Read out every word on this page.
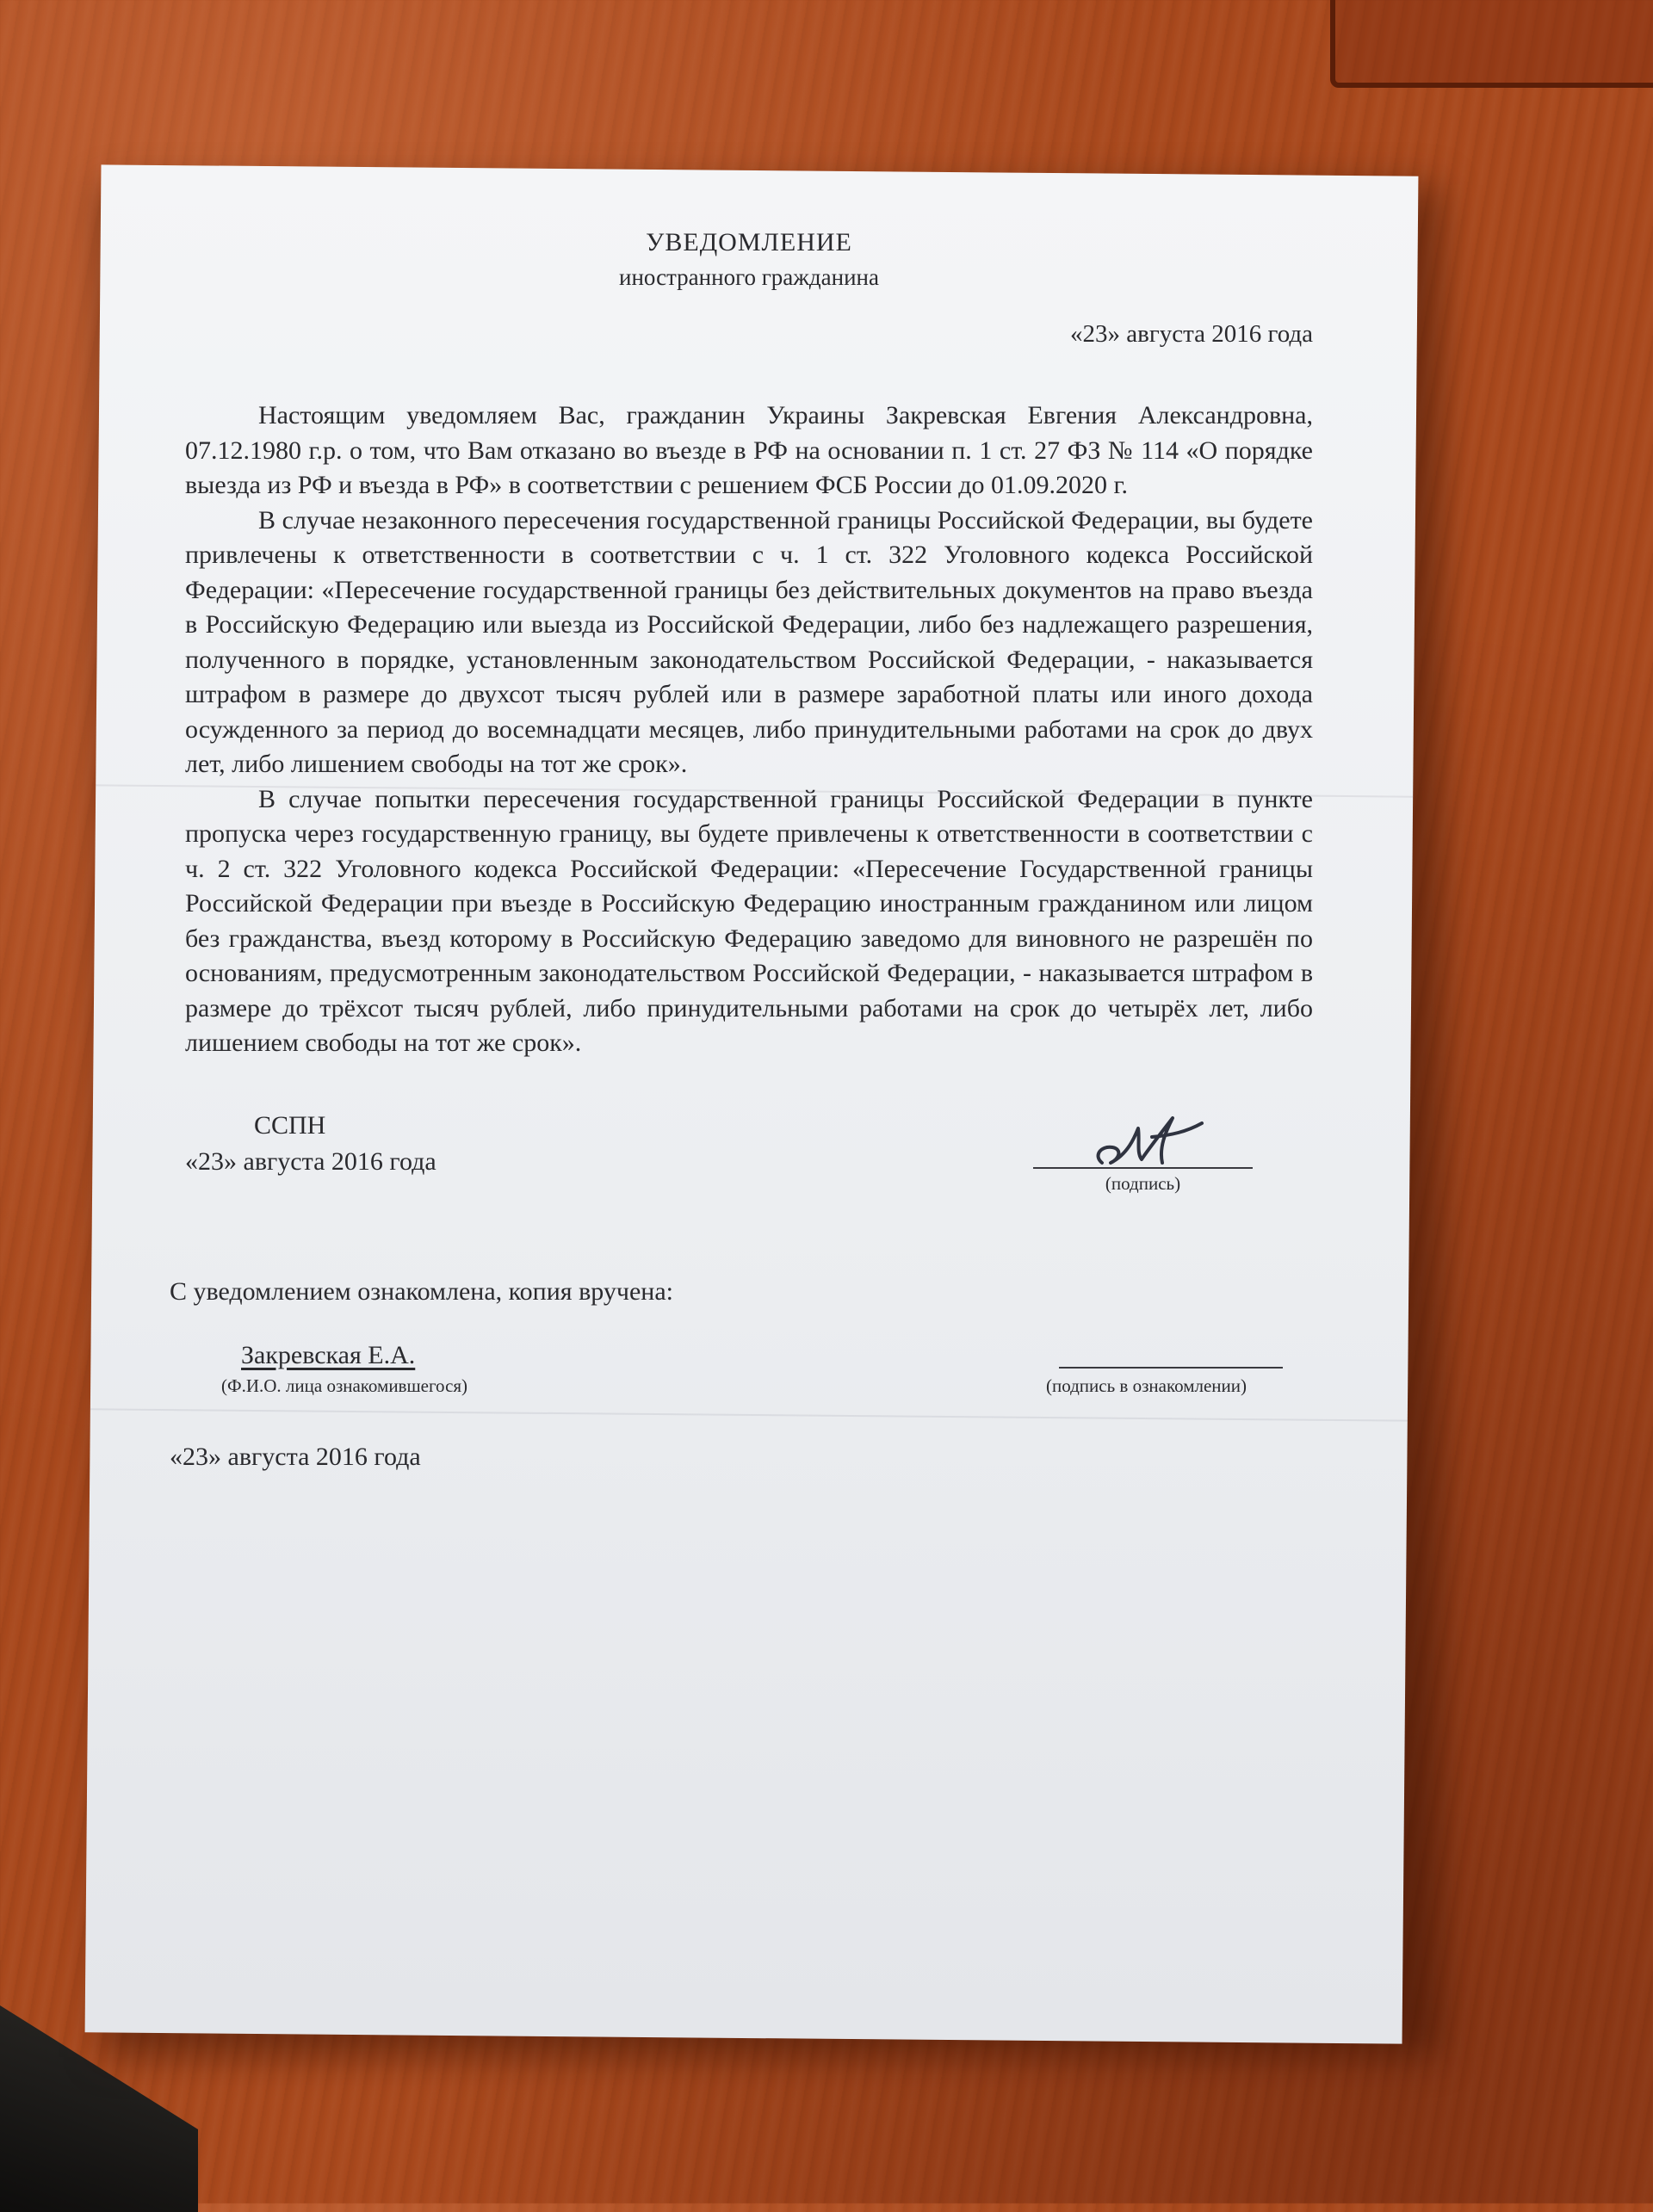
УВЕДОМЛЕНИЕ
иностранного гражданина
«23» августа 2016 года

Настоящим уведомляем Вас, гражданин Украины Закревская Евгения Александровна, 07.12.1980 г.р. о том, что Вам отказано во въезде в РФ на основании п. 1 ст. 27 ФЗ № 114 «О порядке выезда из РФ и въезда в РФ» в соответствии с решением ФСБ России до 01.09.2020 г.

В случае незаконного пересечения государственной границы Российской Федерации, вы будете привлечены к ответственности в соответствии с ч. 1 ст. 322 Уголовного кодекса Российской Федерации: «Пересечение государственной границы без действительных документов на право въезда в Российскую Федерацию или выезда из Российской Федерации, либо без надлежащего разрешения, полученного в порядке, установленным законодательством Российской Федерации, - наказывается штрафом в размере до двухсот тысяч рублей или в размере заработной платы или иного дохода осужденного за период до восемнадцати месяцев, либо принудительными работами на срок до двух лет, либо лишением свободы на тот же срок».

В случае попытки пересечения государственной границы Российской Федерации в пункте пропуска через государственную границу, вы будете привлечены к ответственности в соответствии с ч. 2 ст. 322 Уголовного кодекса Российской Федерации: «Пересечение Государственной границы Российской Федерации при въезде в Российскую Федерацию иностранным гражданином или лицом без гражданства, въезд которому в Российскую Федерацию заведомо для виновного не разрешён по основаниям, предусмотренным законодательством Российской Федерации, - наказывается штрафом в размере до трёхсот тысяч рублей, либо принудительными работами на срок до четырёх лет, либо лишением свободы на тот же срок».

ССПН
«23» августа 2016 года
(подпись)
С уведомлением ознакомлена, копия вручена:
Закревская Е.А.
(Ф.И.О. лица ознакомившегося)	(подпись в ознакомлении)
«23» августа 2016 года
